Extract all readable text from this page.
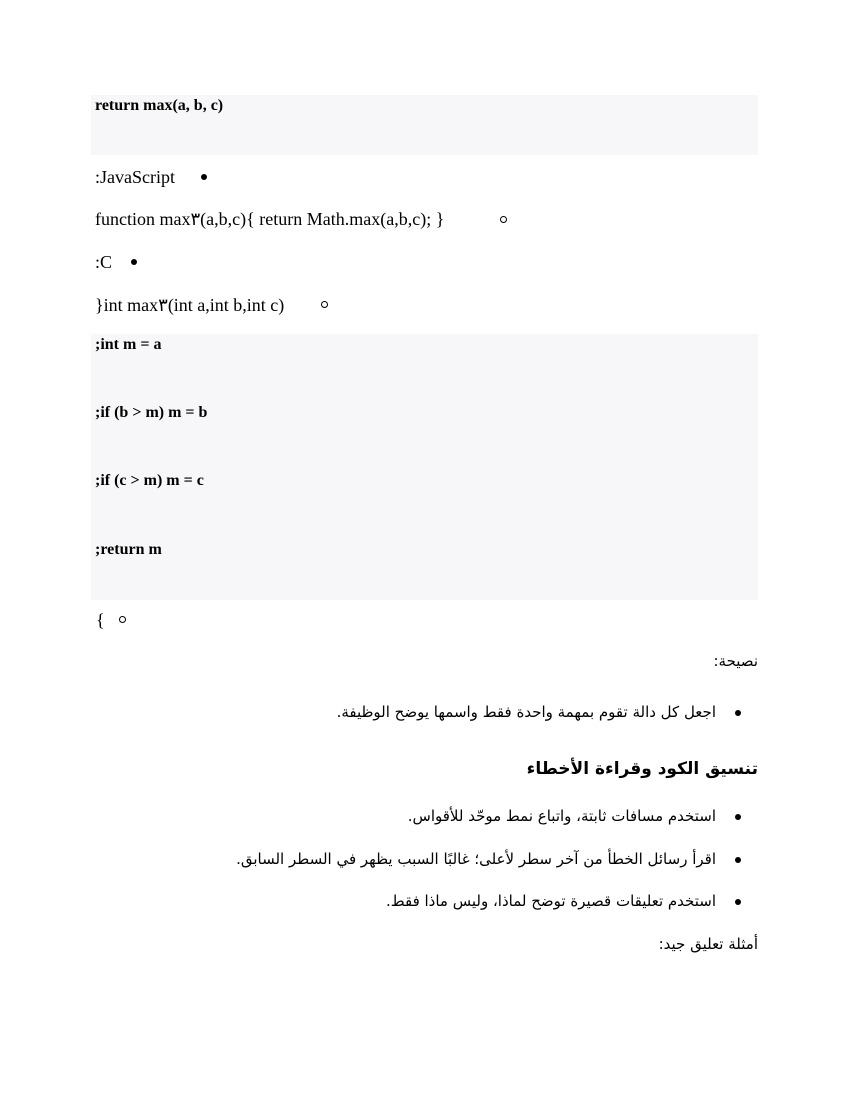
return max(a, b, c)
:JavaScript
function max٣(a,b,c){ return Math.max(a,b,c); }
:C
}int max٣(int a,int b,int c)
;int m = a
;if (b > m) m = b
;if (c > m) m = c
;return m
{
نصيحة:
اجعل كل دالة تقوم بمهمة واحدة فقط واسمها يوضح الوظيفة.
تنسيق الكود وقراءة الأخطاء
استخدم مسافات ثابتة، واتباع نمط موحّد للأقواس.
اقرأ رسائل الخطأ من آخر سطر لأعلى؛ غالبًا السبب يظهر في السطر السابق.
استخدم تعليقات قصيرة توضح لماذا، وليس ماذا فقط.
أمثلة تعليق جيد:
